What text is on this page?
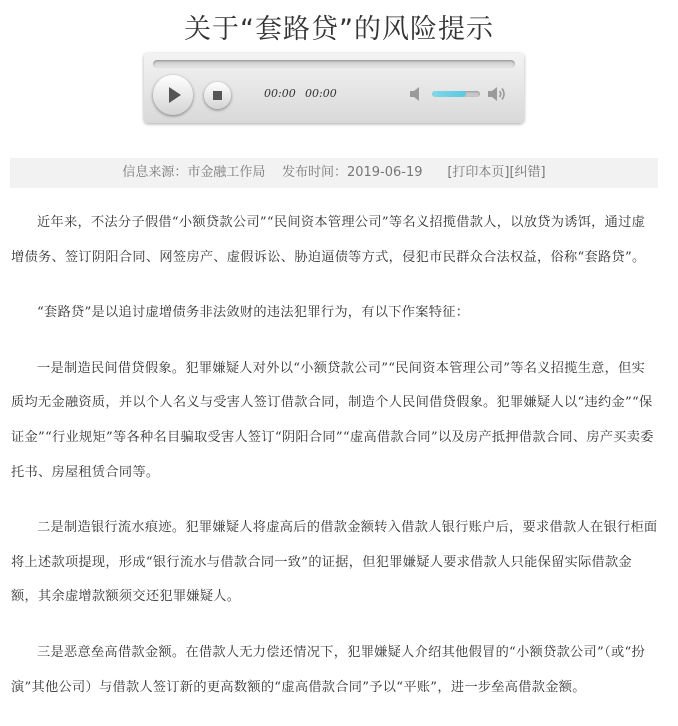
关于“套路贷”的风险提示
00:00 00:00
信息来源：市金融工作局 发布时间：2019-06-19 [打印本页][纠错]

近年来，不法分子假借“小额贷款公司”“民间资本管理公司”等名义招揽借款人，以放贷为诱饵，通过虚增债务、签订阴阳合同、网签房产、虚假诉讼、胁迫逼债等方式，侵犯市民群众合法权益，俗称“套路贷”。

“套路贷”是以追讨虚增债务非法敛财的违法犯罪行为，有以下作案特征：

一是制造民间借贷假象。犯罪嫌疑人对外以“小额贷款公司”“民间资本管理公司”等名义招揽生意，但实质均无金融资质，并以个人名义与受害人签订借款合同，制造个人民间借贷假象。犯罪嫌疑人以“违约金”“保证金”“行业规矩”等各种名目骗取受害人签订“阴阳合同”“虚高借款合同”以及房产抵押借款合同、房产买卖委托书、房屋租赁合同等。

二是制造银行流水痕迹。犯罪嫌疑人将虚高后的借款金额转入借款人银行账户后，要求借款人在银行柜面将上述款项提现，形成“银行流水与借款合同一致”的证据，但犯罪嫌疑人要求借款人只能保留实际借款金额，其余虚增款额须交还犯罪嫌疑人。

三是恶意垒高借款金额。在借款人无力偿还情况下，犯罪嫌疑人介绍其他假冒的“小额贷款公司”（或“扮演”其他公司）与借款人签订新的更高数额的“虚高借款合同”予以“平账”，进一步垒高借款金额。
